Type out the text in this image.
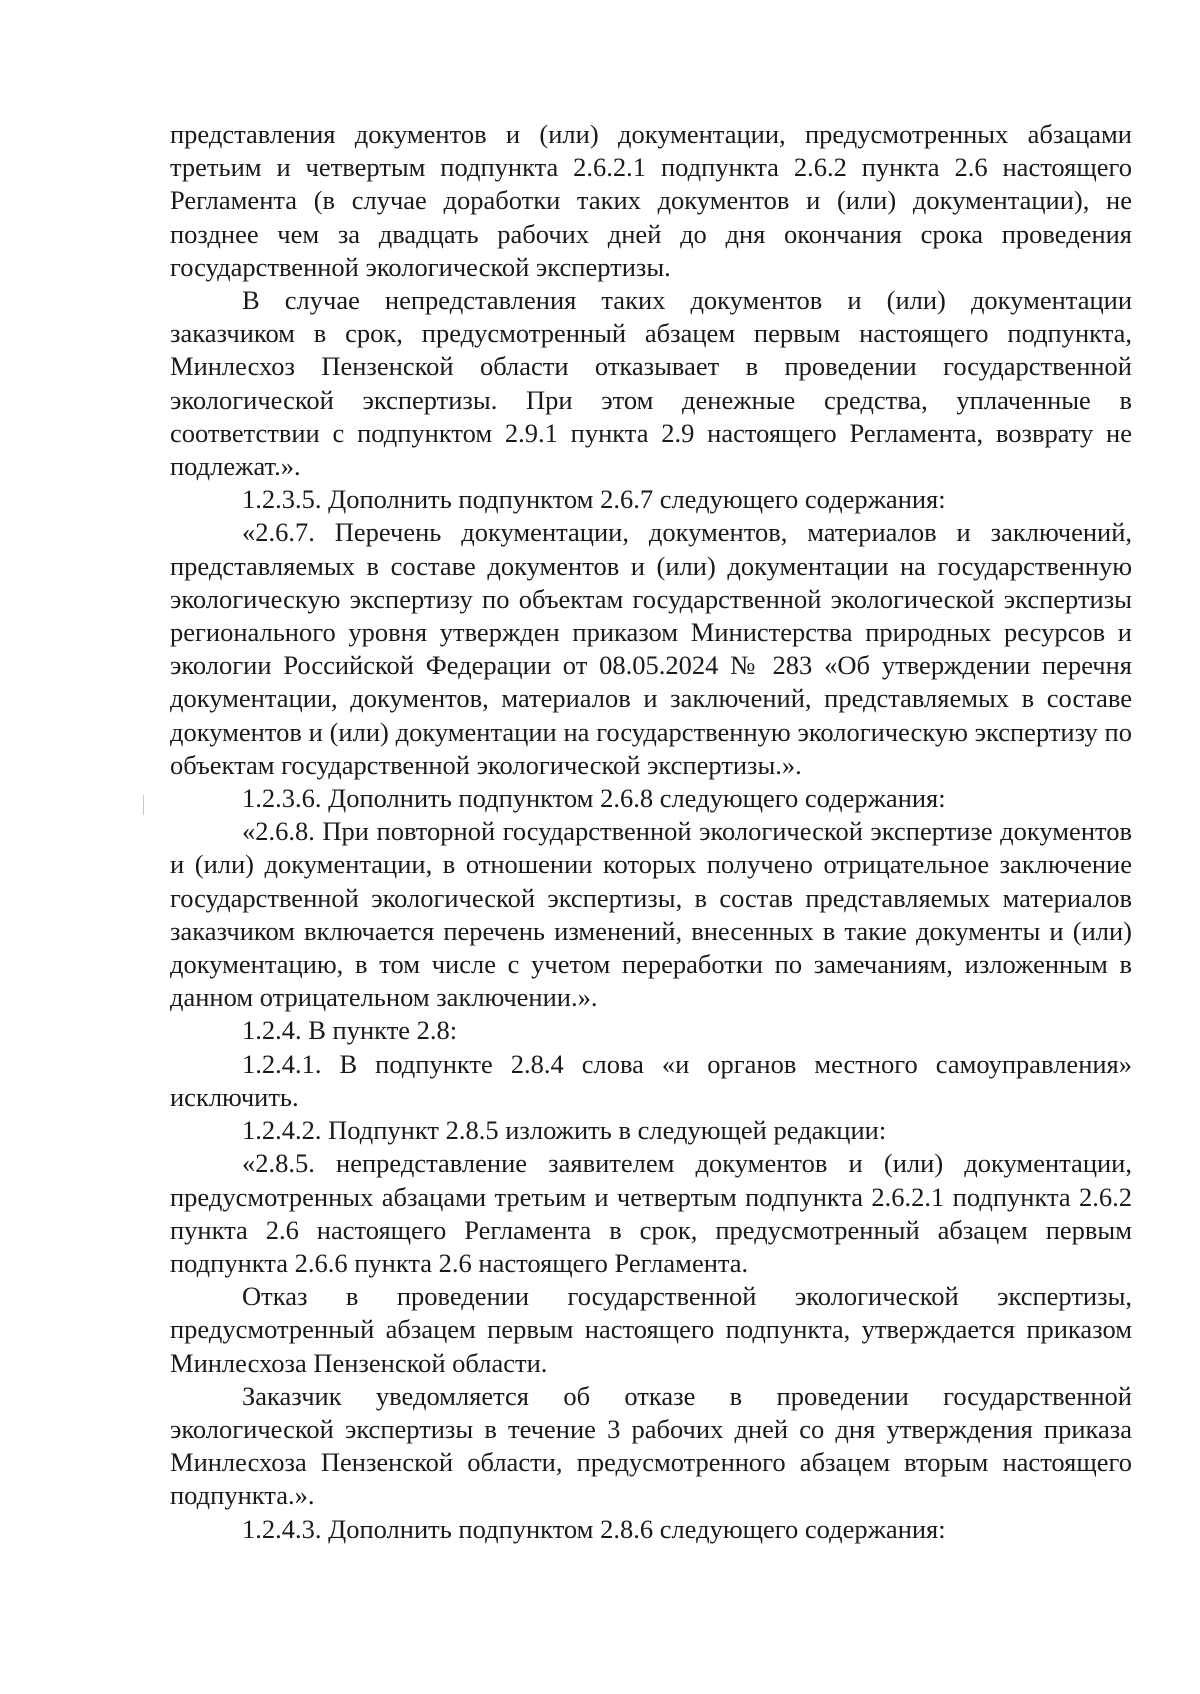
представления документов и (или) документации, предусмотренных абзацами третьим и четвертым подпункта 2.6.2.1 подпункта 2.6.2 пункта 2.6 настоящего Регламента (в случае доработки таких документов и (или) документации), не позднее чем за двадцать рабочих дней до дня окончания срока проведения государственной экологической экспертизы.

В случае непредставления таких документов и (или) документации заказчиком в срок, предусмотренный абзацем первым настоящего подпункта, Минлесхоз Пензенской области отказывает в проведении государственной экологической экспертизы. При этом денежные средства, уплаченные в соответствии с подпунктом 2.9.1 пункта 2.9 настоящего Регламента, возврату не подлежат.».

1.2.3.5. Дополнить подпунктом 2.6.7 следующего содержания:

«2.6.7. Перечень документации, документов, материалов и заключений, представляемых в составе документов и (или) документации на государственную экологическую экспертизу по объектам государственной экологической экспертизы регионального уровня утвержден приказом Министерства природных ресурсов и экологии Российской Федерации от 08.05.2024 № 283 «Об утверждении перечня документации, документов, материалов и заключений, представляемых в составе документов и (или) документации на государственную экологическую экспертизу по объектам государственной экологической экспертизы.».

1.2.3.6. Дополнить подпунктом 2.6.8 следующего содержания:

«2.6.8. При повторной государственной экологической экспертизе документов и (или) документации, в отношении которых получено отрицательное заключение государственной экологической экспертизы, в состав представляемых материалов заказчиком включается перечень изменений, внесенных в такие документы и (или) документацию, в том числе с учетом переработки по замечаниям, изложенным в данном отрицательном заключении.».

1.2.4. В пункте 2.8:

1.2.4.1. В подпункте 2.8.4 слова «и органов местного самоуправления» исключить.

1.2.4.2. Подпункт 2.8.5 изложить в следующей редакции:

«2.8.5. непредставление заявителем документов и (или) документации, предусмотренных абзацами третьим и четвертым подпункта 2.6.2.1 подпункта 2.6.2 пункта 2.6 настоящего Регламента в срок, предусмотренный абзацем первым подпункта 2.6.6 пункта 2.6 настоящего Регламента.

Отказ в проведении государственной экологической экспертизы, предусмотренный абзацем первым настоящего подпункта, утверждается приказом Минлесхоза Пензенской области.

Заказчик уведомляется об отказе в проведении государственной экологической экспертизы в течение 3 рабочих дней со дня утверждения приказа Минлесхоза Пензенской области, предусмотренного абзацем вторым настоящего подпункта.».

1.2.4.3. Дополнить подпунктом 2.8.6 следующего содержания:
